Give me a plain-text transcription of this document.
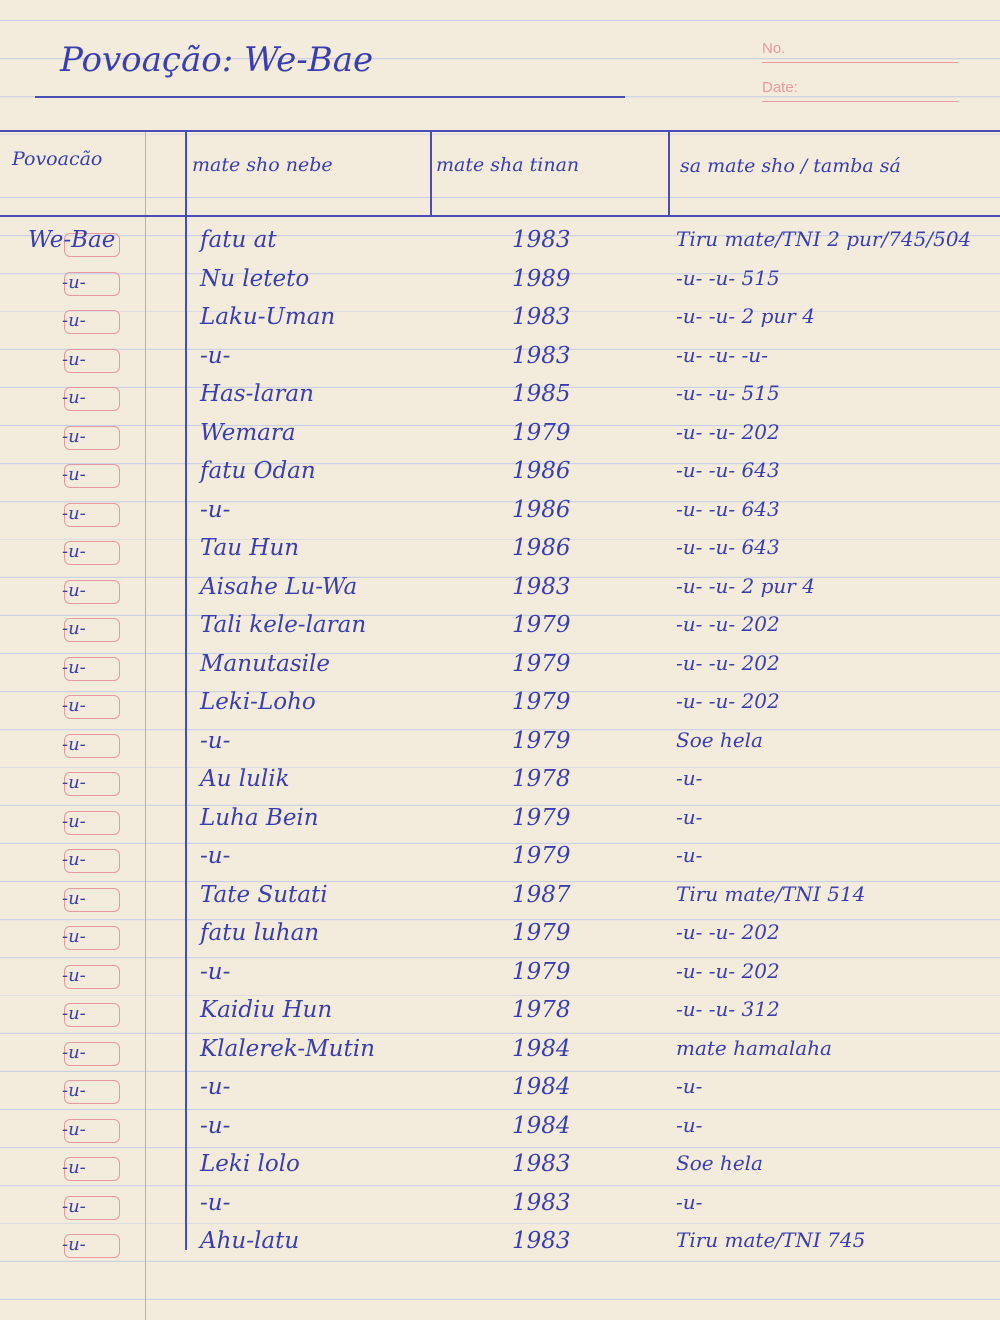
Povoação: We-Bae	No.
Date:
Povoacão	mate sho nebe	mate sha tinan	sa mate sho / tamba sá
We-Bae	fatu at	1983	Tiru mate/TNI 2 pur/745/504
-u-	Nu leteto	1989	-u- -u- 515
-u-	Laku-Uman	1983	-u- -u- 2 pur 4
-u-	-u-	1983	-u- -u- -u-
-u-	Has-laran	1985	-u- -u- 515
-u-	Wemara	1979	-u- -u- 202
-u-	fatu Odan	1986	-u- -u- 643
-u-	-u-	1986	-u- -u- 643
-u-	Tau Hun	1986	-u- -u- 643
-u-	Aisahe Lu-Wa	1983	-u- -u- 2 pur 4
-u-	Tali kele-laran	1979	-u- -u- 202
-u-	Manutasile	1979	-u- -u- 202
-u-	Leki-Loho	1979	-u- -u- 202
-u-	-u-	1979	Soe hela
-u-	Au lulik	1978	-u-
-u-	Luha Bein	1979	-u-
-u-	-u-	1979	-u-
-u-	Tate Sutati	1987	Tiru mate/TNI 514
-u-	fatu luhan	1979	-u- -u- 202
-u-	-u-	1979	-u- -u- 202
-u-	Kaidiu Hun	1978	-u- -u- 312
-u-	Klalerek-Mutin	1984	mate hamalaha
-u-	-u-	1984	-u-
-u-	-u-	1984	-u-
-u-	Leki lolo	1983	Soe hela
-u-	-u-	1983	-u-
-u-	Ahu-latu	1983	Tiru mate/TNI 745
